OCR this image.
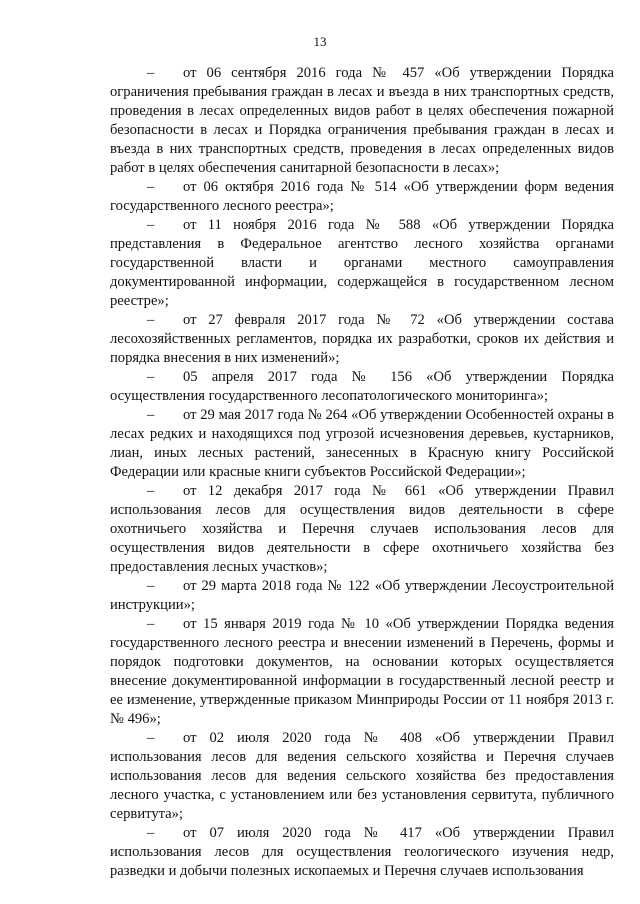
13

– от 06 сентября 2016 года № 457 «Об утверждении Порядка ограничения пребывания граждан в лесах и въезда в них транспортных средств, проведения в лесах определенных видов работ в целях обеспечения пожарной безопасности в лесах и Порядка ограничения пребывания граждан в лесах и въезда в них транспортных средств, проведения в лесах определенных видов работ в целях обеспечения санитарной безопасности в лесах»;

– от 06 октября 2016 года № 514 «Об утверждении форм ведения государственного лесного реестра»;

– от 11 ноября 2016 года № 588 «Об утверждении Порядка представления в Федеральное агентство лесного хозяйства органами государственной власти и органами местного самоуправления документированной информации, содержащейся в государственном лесном реестре»;

– от 27 февраля 2017 года № 72 «Об утверждении состава лесохозяйственных регламентов, порядка их разработки, сроков их действия и порядка внесения в них изменений»;

– 05 апреля 2017 года № 156 «Об утверждении Порядка осуществления государственного лесопатологического мониторинга»;

– от 29 мая 2017 года № 264 «Об утверждении Особенностей охраны в лесах редких и находящихся под угрозой исчезновения деревьев, кустарников, лиан, иных лесных растений, занесенных в Красную книгу Российской Федерации или красные книги субъектов Российской Федерации»;

– от 12 декабря 2017 года № 661 «Об утверждении Правил использования лесов для осуществления видов деятельности в сфере охотничьего хозяйства и Перечня случаев использования лесов для осуществления видов деятельности в сфере охотничьего хозяйства без предоставления лесных участков»;

– от 29 марта 2018 года № 122 «Об утверждении Лесоустроительной инструкции»;

– от 15 января 2019 года № 10 «Об утверждении Порядка ведения государственного лесного реестра и внесении изменений в Перечень, формы и порядок подготовки документов, на основании которых осуществляется внесение документированной информации в государственный лесной реестр и ее изменение, утвержденные приказом Минприроды России от 11 ноября 2013 г. № 496»;

– от 02 июля 2020 года № 408 «Об утверждении Правил использования лесов для ведения сельского хозяйства и Перечня случаев использования лесов для ведения сельского хозяйства без предоставления лесного участка, с установлением или без установления сервитута, публичного сервитута»;

– от 07 июля 2020 года № 417 «Об утверждении Правил использования лесов для осуществления геологического изучения недр, разведки и добычи полезных ископаемых и Перечня случаев использования
